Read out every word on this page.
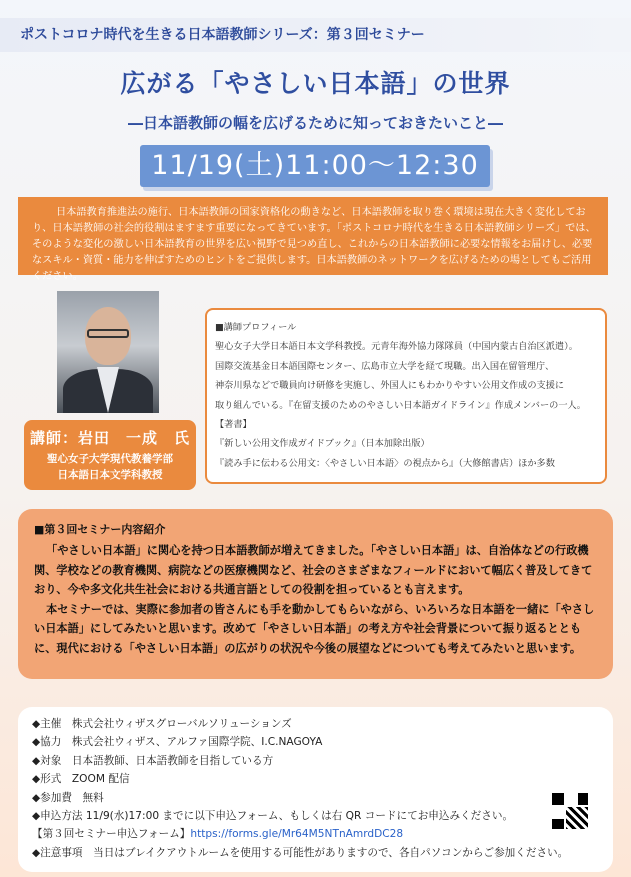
ポストコロナ時代を生きる日本語教師シリーズ：第３回セミナー
広がる「やさしい日本語」の世界
―日本語教師の幅を広げるために知っておきたいこと―
11/19(土)11:00〜12:30
日本語教育推進法の施行、日本語教師の国家資格化の動きなど、日本語教師を取り巻く環境は現在大きく変化しており、日本語教師の社会的役割はますます重要になってきています。「ポストコロナ時代を生きる日本語教師シリーズ」では、そのような変化の激しい日本語教育の世界を広い視野で見つめ直し、これからの日本語教師に必要な情報をお届けし、必要なスキル・資質・能力を伸ばすためのヒントをご提供します。日本語教師のネットワークを広げるための場としてもご活用ください。
講師：岩田　一成　氏
聖心女子大学現代教養学部
日本語日本文学科教授
■講師プロフィール
聖心女子大学日本語日本文学科教授。元青年海外協力隊隊員（中国内蒙古自治区派遣）。
国際交流基金日本語国際センター、広島市立大学を経て現職。出入国在留管理庁、
神奈川県などで職員向け研修を実施し、外国人にもわかりやすい公用文作成の支援に
取り組んでいる。『在留支援のためのやさしい日本語ガイドライン』作成メンバーの一人。
【著書】
『新しい公用文作成ガイドブック』（日本加除出版）
『読み手に伝わる公用文：〈やさしい日本語〉の視点から』（大修館書店）ほか多数
■第３回セミナー内容紹介

「やさしい日本語」に関心を持つ日本語教師が増えてきました。「やさしい日本語」は、自治体などの行政機関、学校などの教育機関、病院などの医療機関など、社会のさまざまなフィールドにおいて幅広く普及してきており、今や多文化共生社会における共通言語としての役割を担っているとも言えます。

本セミナーでは、実際に参加者の皆さんにも手を動かしてもらいながら、いろいろな日本語を一緒に「やさしい日本語」にしてみたいと思います。改めて「やさしい日本語」の考え方や社会背景について振り返るとともに、現代における「やさしい日本語」の広がりの状況や今後の展望などについても考えてみたいと思います。

◆主催　株式会社ウィザスグローバルソリューションズ
◆協力　株式会社ウィザス、アルファ国際学院、I.C.NAGOYA
◆対象　日本語教師、日本語教師を目指している方
◆形式　ZOOM 配信
◆参加費　無料
◆申込方法 11/9(水)17:00 までに以下申込フォーム、もしくは右 QR コードにてお申込みください。
【第３回セミナー申込フォーム】https://forms.gle/Mr64M5NTnAmrdDC28
◆注意事項　当日はブレイクアウトルームを使用する可能性がありますので、各自パソコンからご参加ください。
